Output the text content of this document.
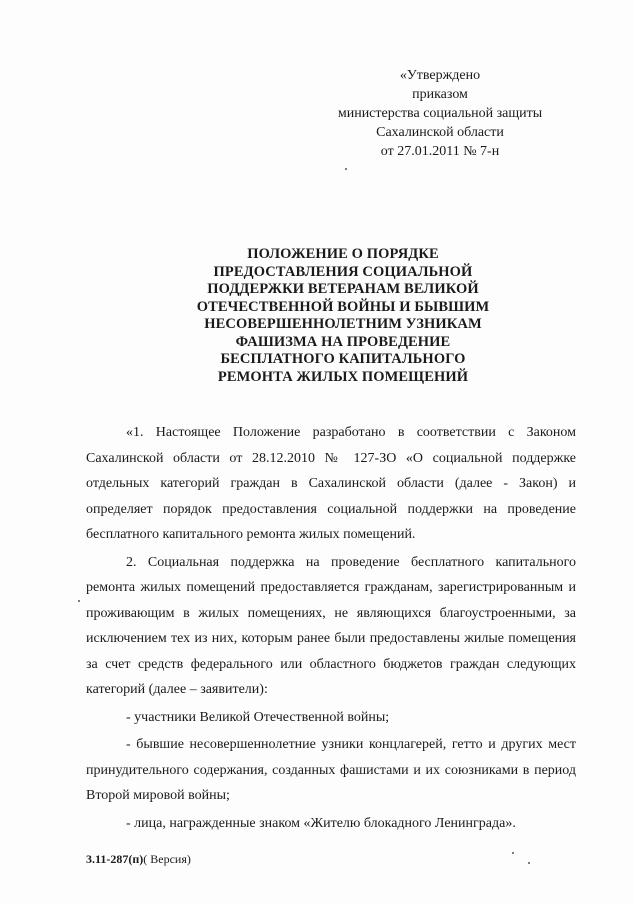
«Утверждено
приказом
министерства социальной защиты
Сахалинской области
от 27.01.2011 № 7-н
ПОЛОЖЕНИЕ О ПОРЯДКЕ
ПРЕДОСТАВЛЕНИЯ СОЦИАЛЬНОЙ
ПОДДЕРЖКИ ВЕТЕРАНАМ ВЕЛИКОЙ
ОТЕЧЕСТВЕННОЙ ВОЙНЫ И БЫВШИМ
НЕСОВЕРШЕННОЛЕТНИМ УЗНИКАМ
ФАШИЗМА НА ПРОВЕДЕНИЕ
БЕСПЛАТНОГО КАПИТАЛЬНОГО
РЕМОНТА ЖИЛЫХ ПОМЕЩЕНИЙ

«1. Настоящее Положение разработано в соответствии с Законом Сахалинской области от 28.12.2010 № 127-ЗО «О социальной поддержке отдельных категорий граждан в Сахалинской области (далее - Закон) и определяет порядок предоставления социальной поддержки на проведение бесплатного капитального ремонта жилых помещений.

2. Социальная поддержка на проведение бесплатного капитального ремонта жилых помещений предоставляется гражданам, зарегистрированным и проживающим в жилых помещениях, не являющихся благоустроенными, за исключением тех из них, которым ранее были предоставлены жилые помещения за счет средств федерального или областного бюджетов граждан следующих категорий (далее – заявители):

- участники Великой Отечественной войны;

- бывшие несовершеннолетние узники концлагерей, гетто и других мест принудительного содержания, созданных фашистами и их союзниками в период Второй мировой войны;

- лица, награжденные знаком «Жителю блокадного Ленинграда».

3.11-287(п)( Версия)
